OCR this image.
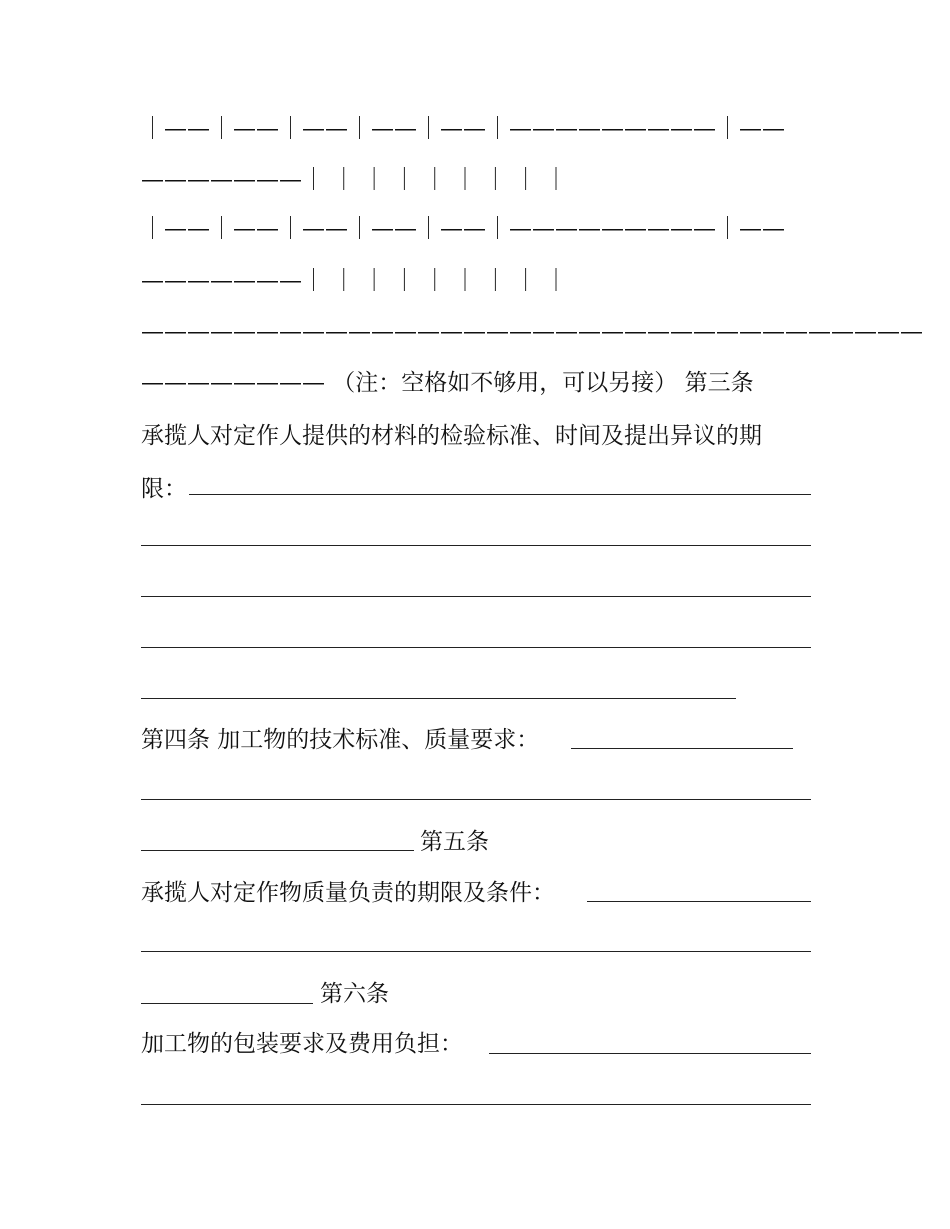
｜——｜——｜——｜——｜——｜—————————｜——
———————｜ ｜ ｜ ｜ ｜ ｜ ｜ ｜ ｜
｜——｜——｜——｜——｜——｜—————————｜——
———————｜ ｜ ｜ ｜ ｜ ｜ ｜ ｜ ｜
——————————————————————————————————
———————— （注：空格如不够用，可以另接） 第三条
承揽人对定作人提供的材料的检验标准、时间及提出异议的期
限：
第四条 加工物的技术标准、质量要求：
第五条
承揽人对定作物质量负责的期限及条件：
第六条
加工物的包装要求及费用负担：
